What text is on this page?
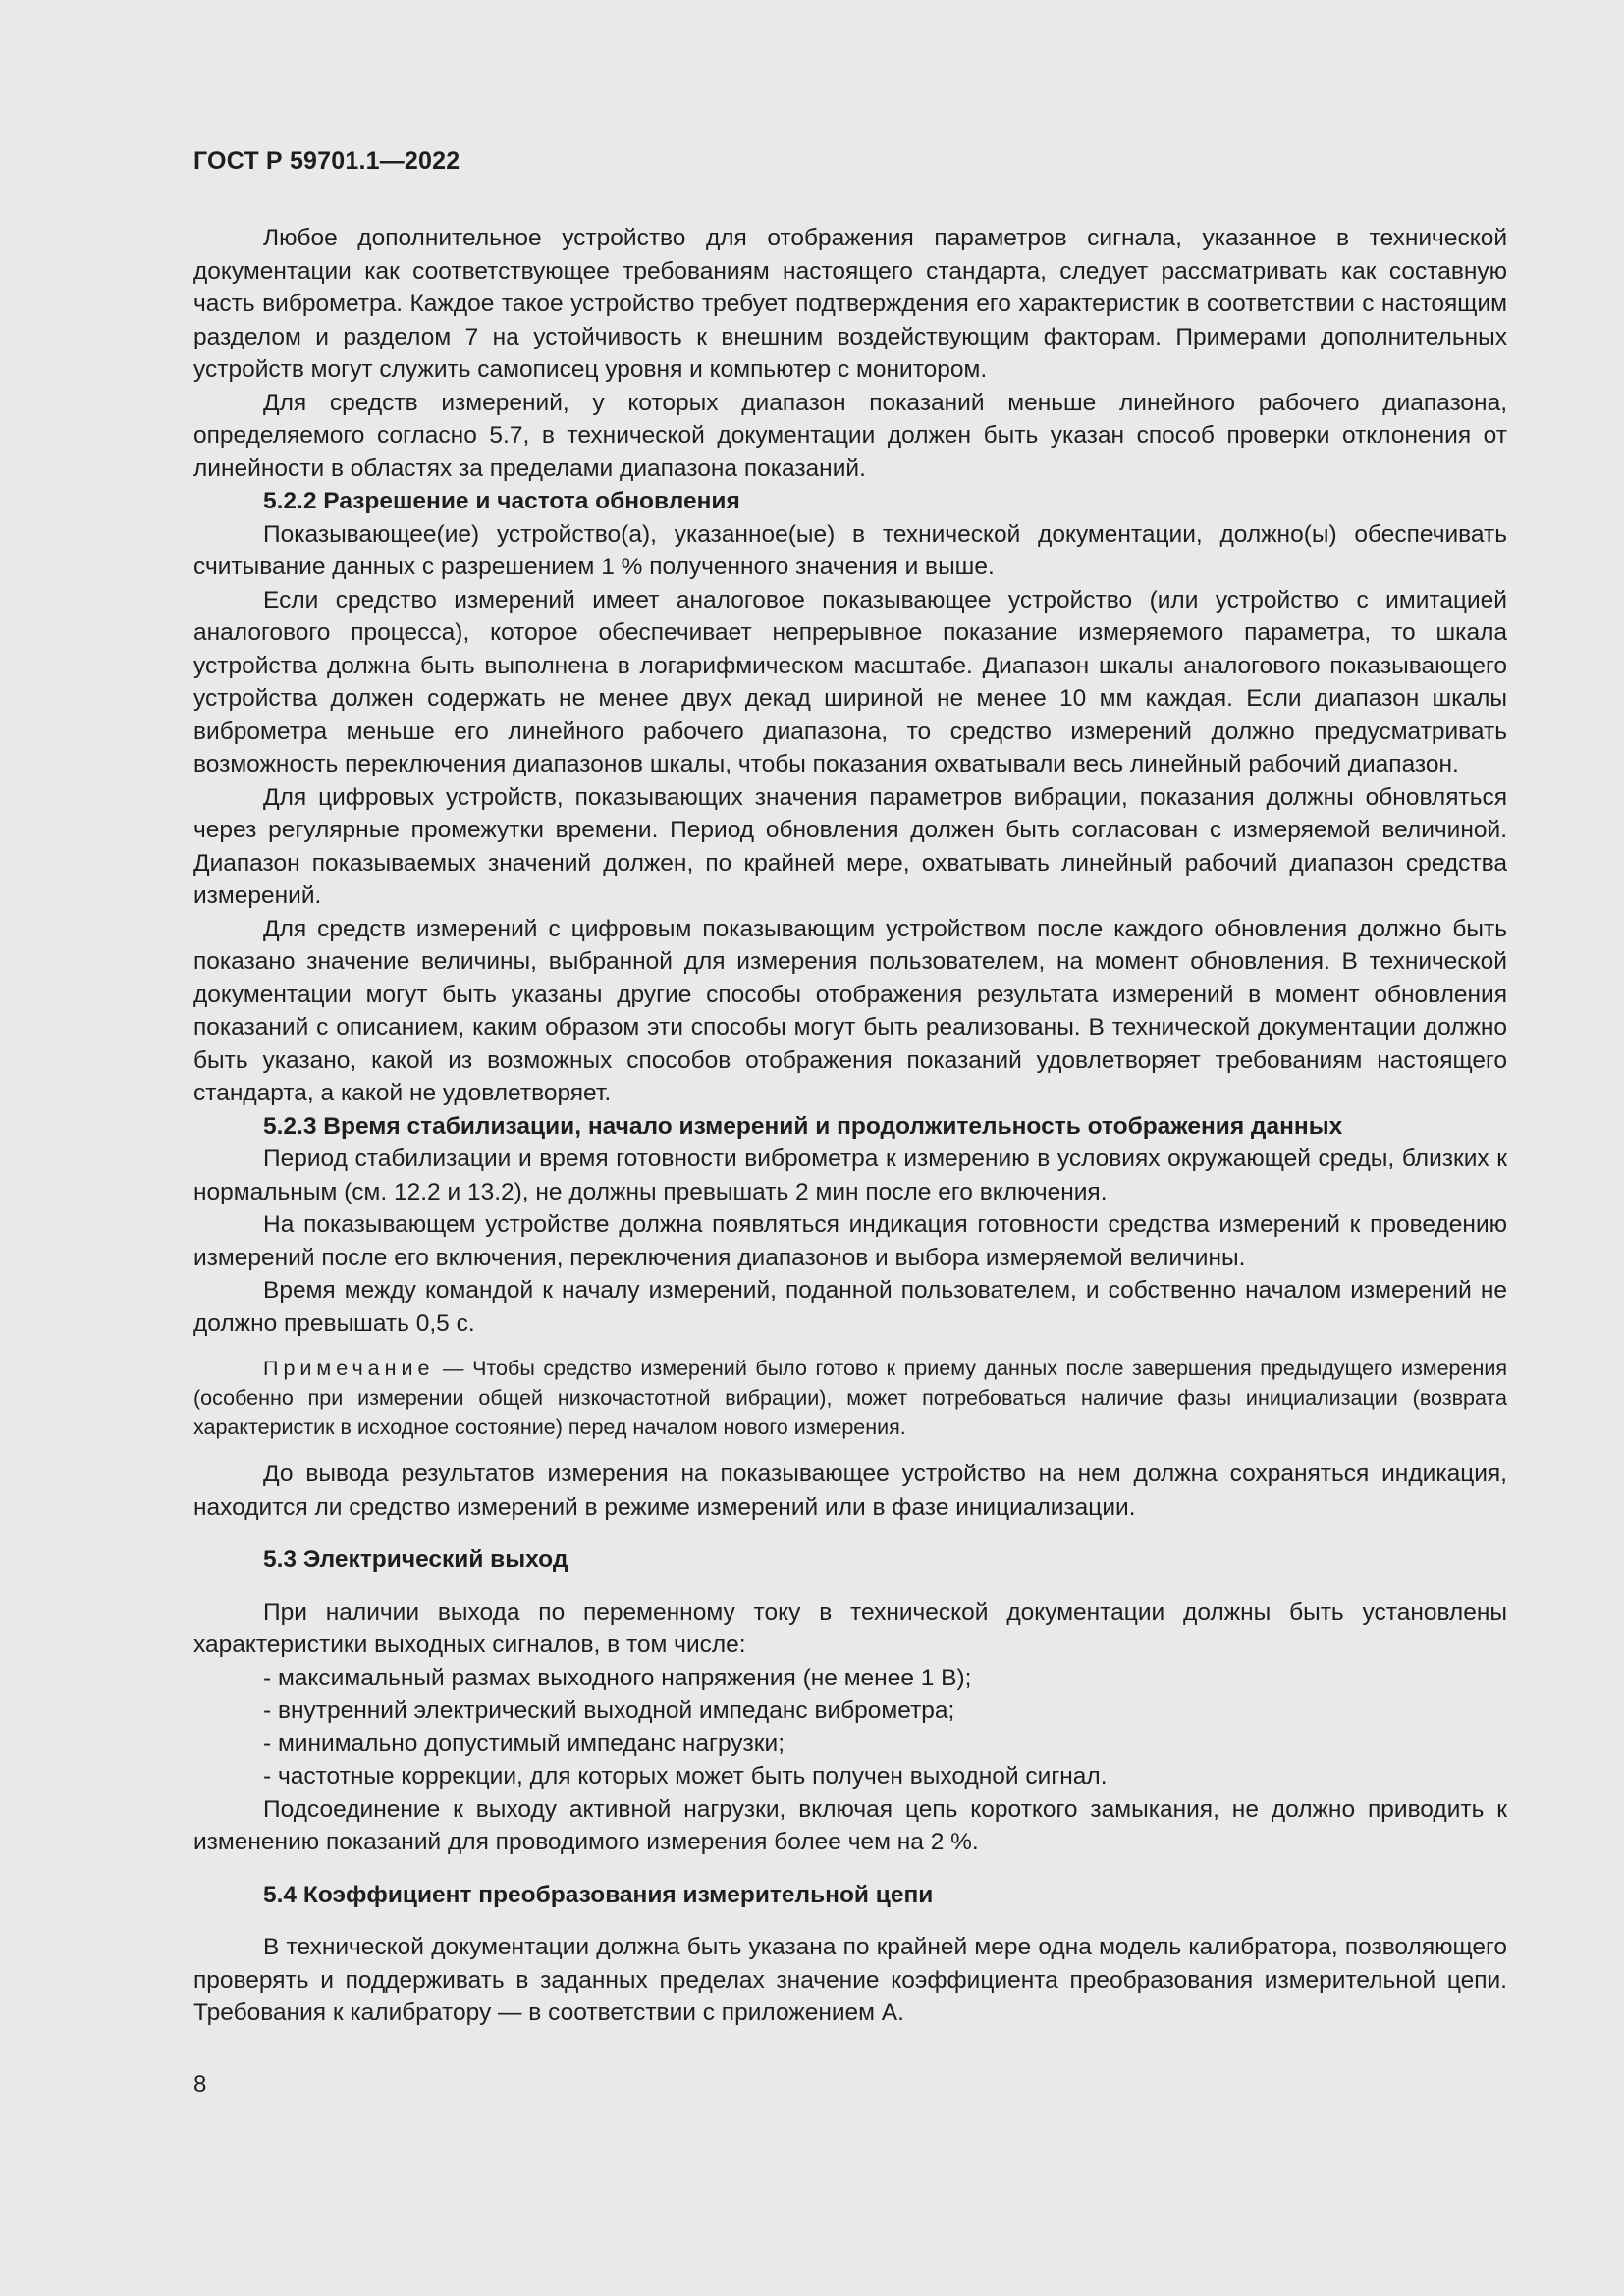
ГОСТ Р 59701.1—2022

Любое дополнительное устройство для отображения параметров сигнала, указанное в технической документации как соответствующее требованиям настоящего стандарта, следует рассматривать как составную часть виброметра. Каждое такое устройство требует подтверждения его характеристик в соответствии с настоящим разделом и разделом 7 на устойчивость к внешним воздействующим факторам. Примерами дополнительных устройств могут служить самописец уровня и компьютер с монитором.

Для средств измерений, у которых диапазон показаний меньше линейного рабочего диапазона, определяемого согласно 5.7, в технической документации должен быть указан способ проверки отклонения от линейности в областях за пределами диапазона показаний.

5.2.2 Разрешение и частота обновления

Показывающее(ие) устройство(а), указанное(ые) в технической документации, должно(ы) обеспечивать считывание данных с разрешением 1 % полученного значения и выше.

Если средство измерений имеет аналоговое показывающее устройство (или устройство с имитацией аналогового процесса), которое обеспечивает непрерывное показание измеряемого параметра, то шкала устройства должна быть выполнена в логарифмическом масштабе. Диапазон шкалы аналогового показывающего устройства должен содержать не менее двух декад шириной не менее 10 мм каждая. Если диапазон шкалы виброметра меньше его линейного рабочего диапазона, то средство измерений должно предусматривать возможность переключения диапазонов шкалы, чтобы показания охватывали весь линейный рабочий диапазон.

Для цифровых устройств, показывающих значения параметров вибрации, показания должны обновляться через регулярные промежутки времени. Период обновления должен быть согласован с измеряемой величиной. Диапазон показываемых значений должен, по крайней мере, охватывать линейный рабочий диапазон средства измерений.

Для средств измерений с цифровым показывающим устройством после каждого обновления должно быть показано значение величины, выбранной для измерения пользователем, на момент обновления. В технической документации могут быть указаны другие способы отображения результата измерений в момент обновления показаний с описанием, каким образом эти способы могут быть реализованы. В технической документации должно быть указано, какой из возможных способов отображения показаний удовлетворяет требованиям настоящего стандарта, а какой не удовлетворяет.

5.2.3 Время стабилизации, начало измерений и продолжительность отображения данных

Период стабилизации и время готовности виброметра к измерению в условиях окружающей среды, близких к нормальным (см. 12.2 и 13.2), не должны превышать 2 мин после его включения.

На показывающем устройстве должна появляться индикация готовности средства измерений к проведению измерений после его включения, переключения диапазонов и выбора измеряемой величины.

Время между командой к началу измерений, поданной пользователем, и собственно началом измерений не должно превышать 0,5 с.

Примечание — Чтобы средство измерений было готово к приему данных после завершения предыдущего измерения (особенно при измерении общей низкочастотной вибрации), может потребоваться наличие фазы инициализации (возврата характеристик в исходное состояние) перед началом нового измерения.

До вывода результатов измерения на показывающее устройство на нем должна сохраняться индикация, находится ли средство измерений в режиме измерений или в фазе инициализации.

5.3 Электрический выход

При наличии выхода по переменному току в технической документации должны быть установлены характеристики выходных сигналов, в том числе:

- максимальный размах выходного напряжения (не менее 1 В);

- внутренний электрический выходной импеданс виброметра;

- минимально допустимый импеданс нагрузки;

- частотные коррекции, для которых может быть получен выходной сигнал.

Подсоединение к выходу активной нагрузки, включая цепь короткого замыкания, не должно приводить к изменению показаний для проводимого измерения более чем на 2 %.

5.4 Коэффициент преобразования измерительной цепи

В технической документации должна быть указана по крайней мере одна модель калибратора, позволяющего проверять и поддерживать в заданных пределах значение коэффициента преобразования измерительной цепи. Требования к калибратору — в соответствии с приложением А.

8
